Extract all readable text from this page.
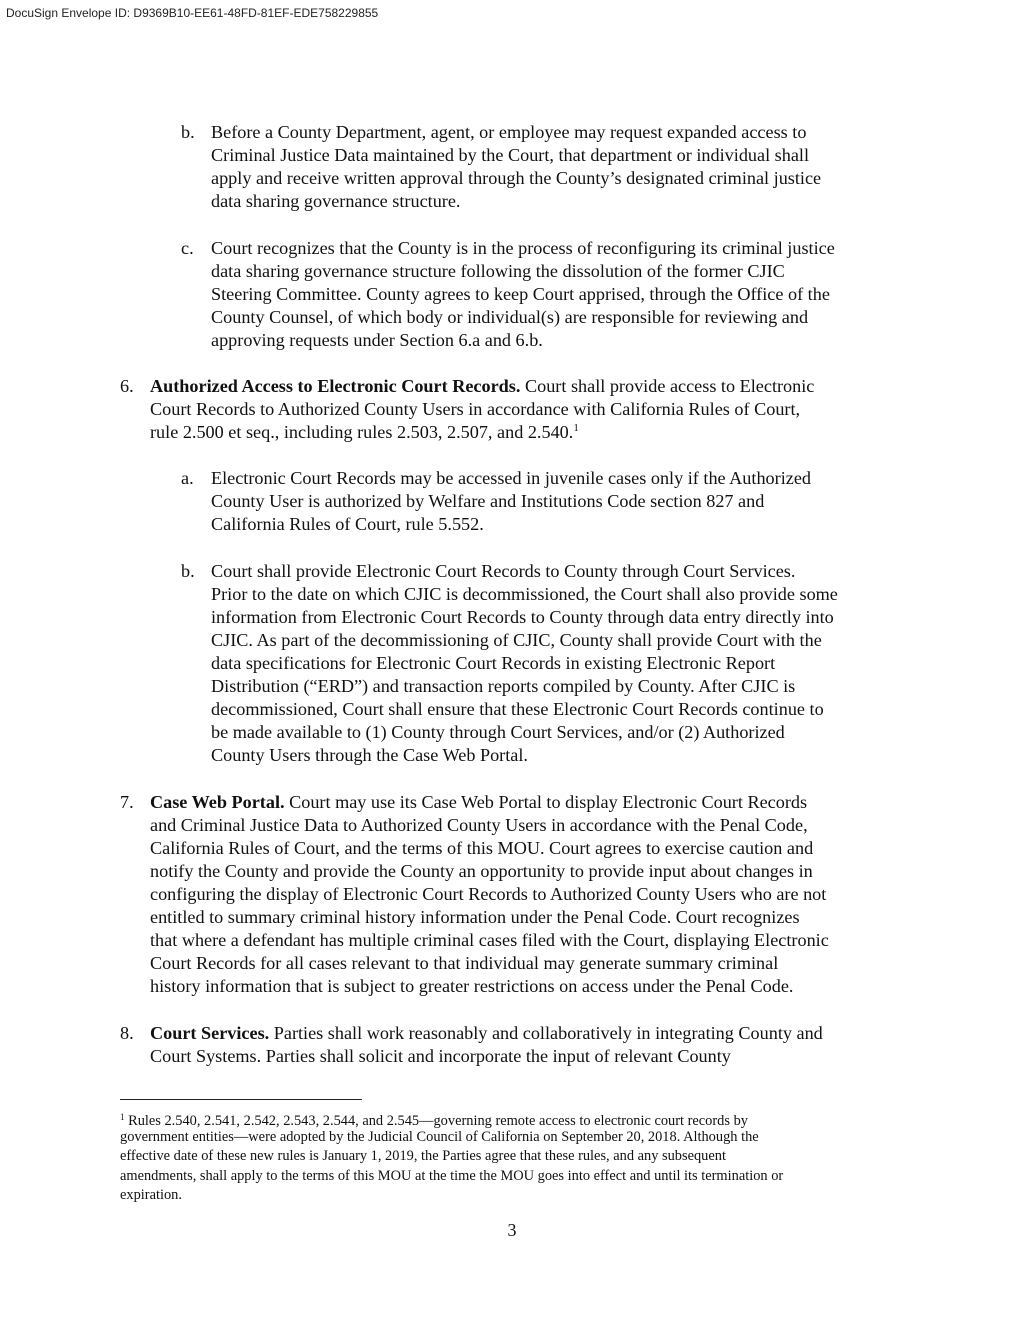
DocuSign Envelope ID: D9369B10-EE61-48FD-81EF-EDE758229855
b. Before a County Department, agent, or employee may request expanded access to
Criminal Justice Data maintained by the Court, that department or individual shall
apply and receive written approval through the County’s designated criminal justice
data sharing governance structure.
c. Court recognizes that the County is in the process of reconfiguring its criminal justice
data sharing governance structure following the dissolution of the former CJIC
Steering Committee. County agrees to keep Court apprised, through the Office of the
County Counsel, of which body or individual(s) are responsible for reviewing and
approving requests under Section 6.a and 6.b.
6. Authorized Access to Electronic Court Records. Court shall provide access to Electronic
Court Records to Authorized County Users in accordance with California Rules of Court,
rule 2.500 et seq., including rules 2.503, 2.507, and 2.540.$^1$
a. Electronic Court Records may be accessed in juvenile cases only if the Authorized
County User is authorized by Welfare and Institutions Code section 827 and
California Rules of Court, rule 5.552.
b. Court shall provide Electronic Court Records to County through Court Services.
Prior to the date on which CJIC is decommissioned, the Court shall also provide some
information from Electronic Court Records to County through data entry directly into
CJIC. As part of the decommissioning of CJIC, County shall provide Court with the
data specifications for Electronic Court Records in existing Electronic Report
Distribution (“ERD”) and transaction reports compiled by County. After CJIC is
decommissioned, Court shall ensure that these Electronic Court Records continue to
be made available to (1) County through Court Services, and/or (2) Authorized
County Users through the Case Web Portal.
7. Case Web Portal. Court may use its Case Web Portal to display Electronic Court Records
and Criminal Justice Data to Authorized County Users in accordance with the Penal Code,
California Rules of Court, and the terms of this MOU. Court agrees to exercise caution and
notify the County and provide the County an opportunity to provide input about changes in
configuring the display of Electronic Court Records to Authorized County Users who are not
entitled to summary criminal history information under the Penal Code. Court recognizes
that where a defendant has multiple criminal cases filed with the Court, displaying Electronic
Court Records for all cases relevant to that individual may generate summary criminal
history information that is subject to greater restrictions on access under the Penal Code.
8. Court Services. Parties shall work reasonably and collaboratively in integrating County and
Court Systems. Parties shall solicit and incorporate the input of relevant County
$^1$ Rules 2.540, 2.541, 2.542, 2.543, 2.544, and 2.545—governing remote access to electronic court records by
government entities—were adopted by the Judicial Council of California on September 20, 2018. Although the
effective date of these new rules is January 1, 2019, the Parties agree that these rules, and any subsequent
amendments, shall apply to the terms of this MOU at the time the MOU goes into effect and until its termination or
expiration.
3
